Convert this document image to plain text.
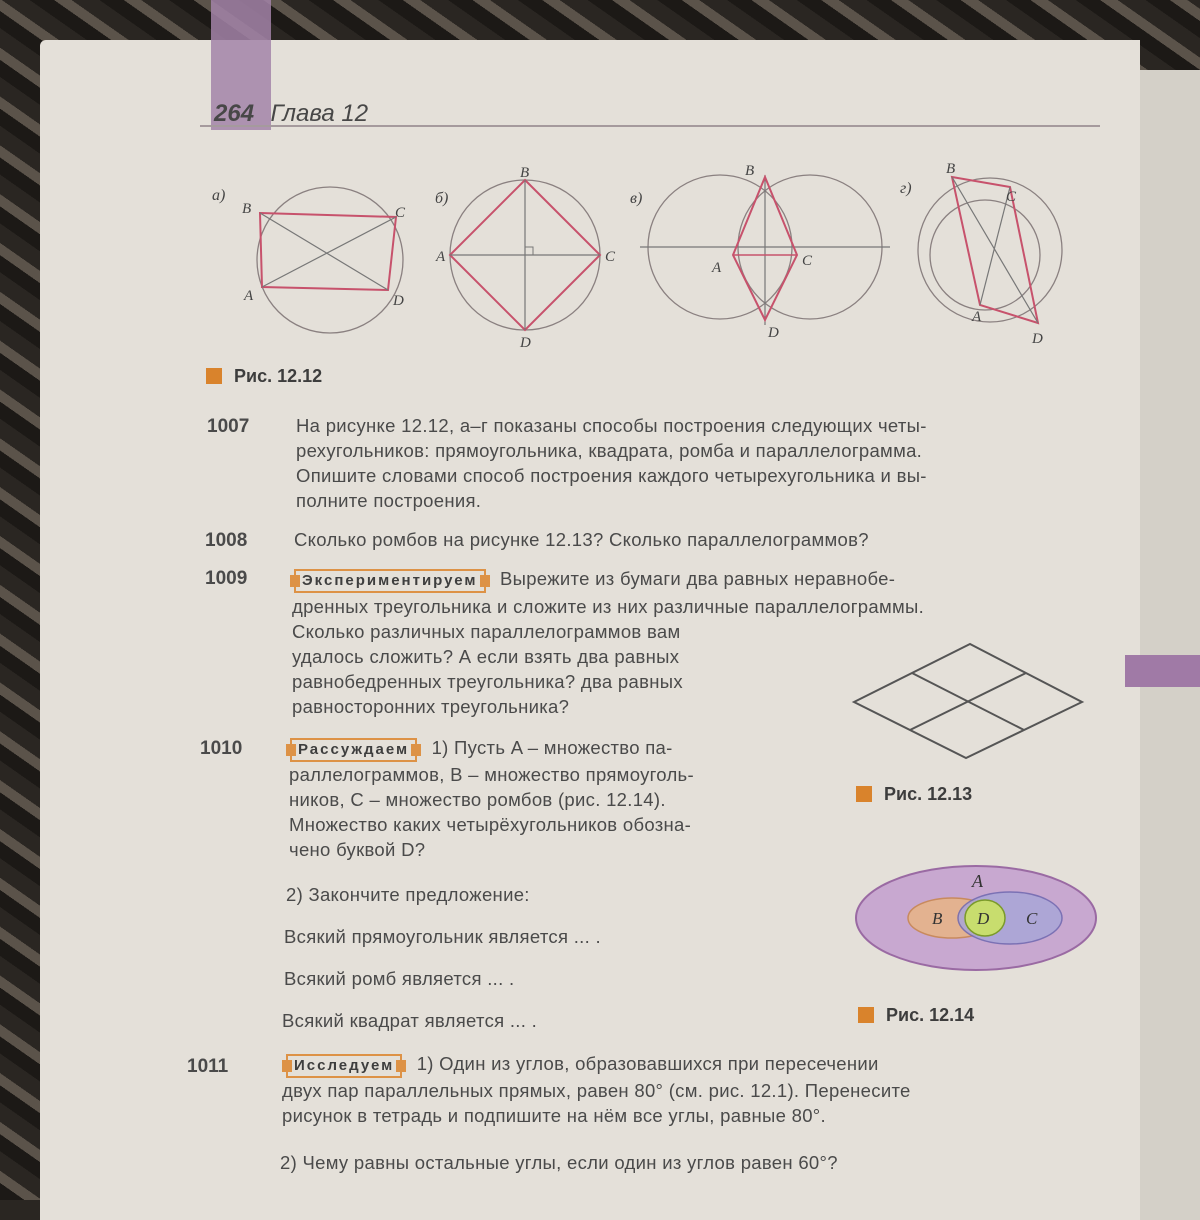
264 Глава 12
а)
B	C
A	D
б)
B
A	C
D
в)
B
A	C
D
г)
B
C
A
D
Рис. 12.12
1007	На рисунке 12.12, а–г показаны способы построения следующих четы-
рехугольников: прямоугольника, квадрата, ромба и параллелограмма.
Опишите словами способ построения каждого четырехугольника и вы-
полните построения.
1008	Сколько ромбов на рисунке 12.13? Сколько параллелограммов?
1009	Экспериментируем Вырежите из бумаги два равных неравнобе-
дренных треугольника и сложите из них различные параллелограммы.
Сколько различных параллелограммов вам
удалось сложить? А если взять два равных
равнобедренных треугольника? два равных
равносторонних треугольника?
Рис. 12.13
1010	Рассуждаем 1) Пусть A – множество па-
раллелограммов, B – множество прямоуголь-
ников, C – множество ромбов (рис. 12.14).
Множество каких четырёхугольников обозна-
чено буквой D?
2) Закончите предложение:
Всякий прямоугольник является ... .
Всякий ромб является ... .
Всякий квадрат является ... .
A
B D C
Рис. 12.14
1011	Исследуем 1) Один из углов, образовавшихся при пересечении
двух пар параллельных прямых, равен 80° (см. рис. 12.1). Перенесите
рисунок в тетрадь и подпишите на нём все углы, равные 80°.
2) Чему равны остальные углы, если один из углов равен 60°?
